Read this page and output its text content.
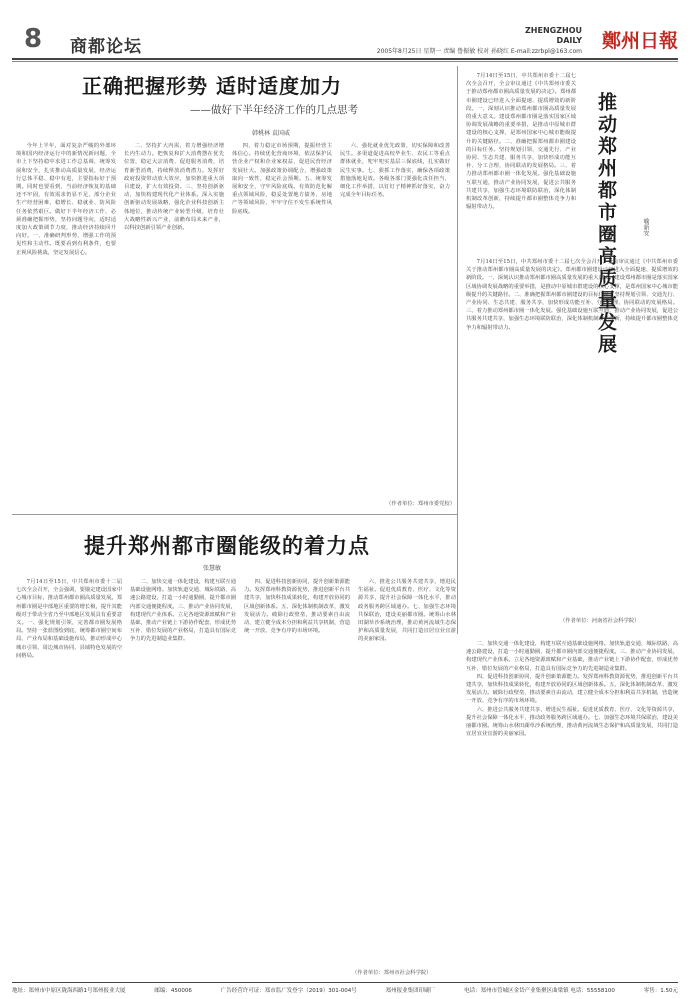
8 商都论坛
ZHENGZHOU
DAILY 鄭州日報
2005年8月25日 星期一 责编 鲁振敏 校对 孙晓红 E-mail:zzrbpl@163.com
正确把握形势 适时适度加力
——做好下半年经济工作的几点思考
韩桃林 袁国威

今年上半年，面对复杂严峻的外部环境和国内经济运行中的新情况新问题，全市上下坚持稳中求进工作总基调，统筹发展和安全，扎实推动高质量发展，经济运行总体平稳、稳中有进，主要指标好于预期。同时也要看到，当前经济恢复的基础还不牢固，有效需求仍显不足，部分企业生产经营困难，稳增长、稳就业、防风险任务依然艰巨。做好下半年经济工作，必须准确把握形势，坚持问题导向，适时适度加大政策调节力度，推动经济持续回升向好。一、准确研判形势，增强工作的预见性和主动性。既要看到有利条件，也要正视风险挑战，坚定发展信心。

二、坚持扩大内需，着力增强经济增长内生动力。把恢复和扩大消费摆在优先位置，稳定大宗消费，促进服务消费，培育新型消费，持续释放消费潜力。发挥好政府投资带动放大效应，加快推进重大项目建设，扩大有效投资。三、坚持创新驱动，加快构建现代化产业体系。深入实施创新驱动发展战略，强化企业科技创新主体地位，推动传统产业转型升级，培育壮大战略性新兴产业，前瞻布局未来产业，以科技创新引领产业创新。

四、着力稳定市场预期，提振经营主体信心。持续优化营商环境，依法保护民营企业产权和企业家权益，促进民营经济发展壮大。加强政策协调配合，增强政策取向一致性，稳定社会预期。五、统筹发展和安全，守牢风险底线。有效防范化解重点领域风险，稳妥处置地方债务、房地产等领域风险，牢牢守住不发生系统性风险底线。

六、强化就业优先政策，切实保障和改善民生。多渠道促进高校毕业生、农民工等重点群体就业，兜牢兜实基层三保底线，扎实做好民生实事。七、狠抓工作落实，确保各项政策措施落地见效。各级各部门要强化责任担当，细化工作举措，以钉钉子精神抓好落实，奋力完成全年目标任务。

（作者单位：郑州市委党校）

7月14日至15日，中共郑州市委十二届七次全会召开，全会审议通过《中共郑州市委关于推动郑州都市圈高质量发展的决定》。郑州都市圈建设已经进入全面提速、提质增效的新阶段。一、深刻认识推动郑州都市圈高质量发展的重大意义。建设郑州都市圈是落实国家区域协调发展战略的重要举措，是推动中原城市群建设的核心支撑，是郑州国家中心城市能级提升的关键路径。二、准确把握郑州都市圈建设的目标任务。坚持规划引领、交通先行、产业协同、生态共建、服务共享，加快形成功能互补、分工合理、协同联动的发展格局。三、着力推动郑州都市圈一体化发展。强化基础设施互联互通，推动产业协同发展，促进公共服务共建共享，加强生态环境联防联治，深化体制机制改革创新，持续提升都市圈整体竞争力和辐射带动力。	推动郑州都市圈高质量发展	喻新安

7月14日至15日，中共郑州市委十二届七次全会召开，全会审议通过《中共郑州市委关于推动郑州都市圈高质量发展的决定》。郑州都市圈建设已经进入全面提速、提质增效的新阶段。一、深刻认识推动郑州都市圈高质量发展的重大意义。建设郑州都市圈是落实国家区域协调发展战略的重要举措，是推动中原城市群建设的核心支撑，是郑州国家中心城市能级提升的关键路径。二、准确把握郑州都市圈建设的目标任务。坚持规划引领、交通先行、产业协同、生态共建、服务共享，加快形成功能互补、分工合理、协同联动的发展格局。三、着力推动郑州都市圈一体化发展。强化基础设施互联互通，推动产业协同发展，促进公共服务共建共享，加强生态环境联防联治，深化体制机制改革创新，持续提升都市圈整体竞争力和辐射带动力。

（作者单位：河南省社会科学院）
提升郑州都市圈能级的着力点
张慧敏

7月14日至15日，中共郑州市委十二届七次全会召开，全会强调，要锚定建设国家中心城市目标，推动郑州都市圈高质量发展。郑州都市圈是中部地区重要的增长极，提升其能级对于带动全省乃至中部地区发展具有重要意义。一、强化规划引领，完善都市圈发展格局。坚持一张蓝图绘到底，统筹都市圈空间布局、产业布局和基础设施布局，推动形成中心城市引领、周边城市协同、县域特色发展的空间格局。

二、加快交通一体化建设，构建互联互通基础设施网络。加快轨道交通、城际铁路、高速公路建设，打造一小时通勤圈，提升都市圈内部交通便捷程度。三、推动产业协同发展，构建现代产业体系。立足各地资源禀赋和产业基础，推动产业链上下游协作配套，形成优势互补、错位发展的产业格局，打造具有国际竞争力的先进制造业集群。

四、促进科技创新协同，提升创新策源能力。发挥郑州科教资源优势，推进创新平台共建共享，加快科技成果转化，构建开放协同的区域创新体系。五、深化体制机制改革，激发发展活力。破除行政壁垒，推动要素自由流动，建立健全成本分担和利益共享机制，营造统一开放、竞争有序的市场环境。

六、推进公共服务共建共享，增进民生福祉。促进优质教育、医疗、文化等资源共享，提升社会保障一体化水平，推动政务服务跨区域通办。七、加强生态环境共保联治，建设美丽都市圈。统筹山水林田湖草沙系统治理，推动黄河流域生态保护和高质量发展，共同打造宜居宜业宜游的美丽家园。

（作者单位：郑州市社会科学院）

二、加快交通一体化建设，构建互联互通基础设施网络。加快轨道交通、城际铁路、高速公路建设，打造一小时通勤圈，提升都市圈内部交通便捷程度。三、推动产业协同发展，构建现代产业体系。立足各地资源禀赋和产业基础，推动产业链上下游协作配套，形成优势互补、错位发展的产业格局，打造具有国际竞争力的先进制造业集群。

四、促进科技创新协同，提升创新策源能力。发挥郑州科教资源优势，推进创新平台共建共享，加快科技成果转化，构建开放协同的区域创新体系。五、深化体制机制改革，激发发展活力。破除行政壁垒，推动要素自由流动，建立健全成本分担和利益共享机制，营造统一开放、竞争有序的市场环境。

六、推进公共服务共建共享，增进民生福祉。促进优质教育、医疗、文化等资源共享，提升社会保障一体化水平，推动政务服务跨区域通办。七、加强生态环境共保联治，建设美丽都市圈。统筹山水林田湖草沙系统治理，推动黄河流域生态保护和高质量发展，共同打造宜居宜业宜游的美丽家园。

地址：郑州市中原区陇海西路1号郑州报业大厦	邮编：450006	广告经营许可证：郑市监广发登字（2019）301-004号	郑州报业集团印刷厂	电话：郑州市管城区金岱产业集聚区曲梁镇 电话：55558100	零售：1.50元
